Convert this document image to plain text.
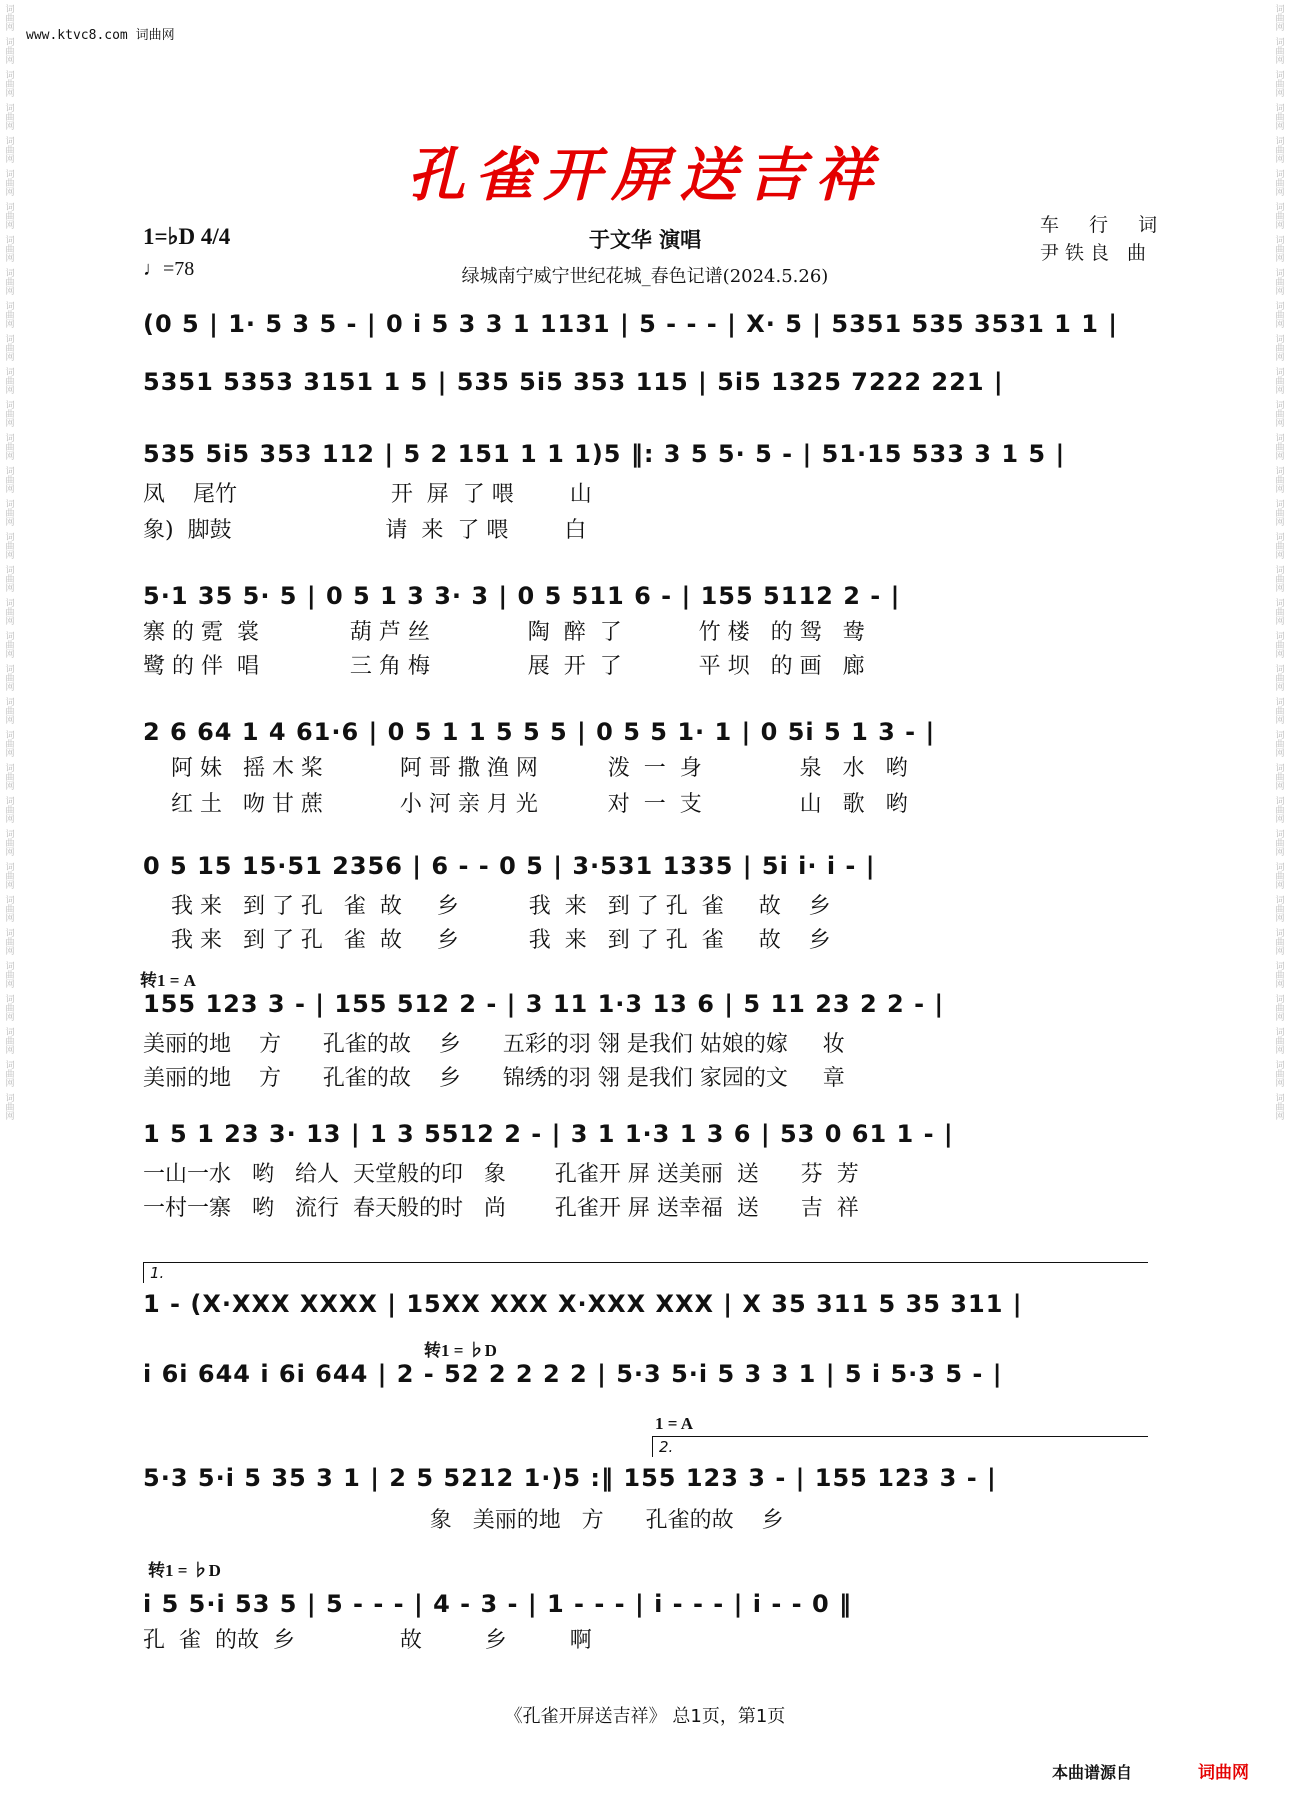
词曲网
词曲网
词曲网
词曲网
词曲网
词曲网
词曲网
词曲网
词曲网
词曲网
词曲网
词曲网
词曲网
词曲网
词曲网
词曲网
词曲网
词曲网
词曲网
词曲网
词曲网
词曲网
词曲网
词曲网
词曲网
词曲网
词曲网
词曲网
词曲网
词曲网
词曲网
词曲网
词曲网
词曲网
词曲网
词曲网
词曲网
词曲网
词曲网
词曲网
词曲网
词曲网
词曲网
词曲网
词曲网
词曲网
词曲网
词曲网
词曲网
词曲网
词曲网
词曲网
词曲网
词曲网
词曲网
词曲网
词曲网
词曲网
词曲网
词曲网
词曲网
词曲网
词曲网
词曲网
词曲网
词曲网
词曲网
词曲网
www.ktvc8.com 词曲网
孔雀开屏送吉祥
1=♭D 4/4
♩=78
于文华 演唱
绿城南宁威宁世纪花城_春色记谱(2024.5.26)
车 行 词
尹铁良 曲
(0 5 | 1· 5 3 5 - | 0 i 5 3 3 1 1131 | 5 - - - | X· 5 | 5351 535 3531 1 1 |
5351 5353 3151 1 5 | 535 5i5 353 115 | 5i5 1325 7222 221 |
535 5i5 353 112 | 5 2 151 1 1 1)5 ‖: 3 5 5· 5 - | 51·15 533 3 1 5 |
凤    尾竹                      开  屏  了 喂        山
象)  脚鼓                      请  来  了 喂        白
5·1 35 5· 5 | 0 5 1 3 3· 3 | 0 5 511 6 - | 155 5112 2 - |
寨 的 霓  裳             葫 芦 丝              陶  醉  了           竹 楼   的 鸳   鸯
鹭 的 伴  唱             三 角 梅              展  开  了           平 坝   的 画   廊
2 6 64 1 4 61·6 | 0 5 1 1 5 5 5 | 0 5 5 1· 1 | 0 5i 5 1 3 - |
阿 妹   摇 木 桨           阿 哥 撒 渔 网          泼  一  身              泉   水   哟
红 土   吻 甘 蔗           小 河 亲 月 光          对  一  支              山   歌   哟
0 5 15 15·51 2356 | 6 - - 0 5 | 3·531 1335 | 5i i· i - |
我 来   到 了 孔   雀  故     乡          我  来   到 了 孔  雀     故    乡
我 来   到 了 孔   雀  故     乡          我  来   到 了 孔  雀     故    乡
转1 = A
155 123 3 - | 155 512 2 - | 3 11 1·3 13 6 | 5 11 23 2 2 - |
美丽的地    方      孔雀的故    乡      五彩的羽 翎 是我们 姑娘的嫁     妆
美丽的地    方      孔雀的故    乡      锦绣的羽 翎 是我们 家园的文     章
1 5 1 23 3· 13 | 1 3 5512 2 - | 3 1 1·3 1 3 6 | 53 0 61 1 - |
一山一水   哟   给人  天堂般的印   象       孔雀开 屏 送美丽  送      芬  芳
一村一寨   哟   流行  春天般的时   尚       孔雀开 屏 送幸福  送      吉  祥
1.
1 - (X·XXX XXXX | 15XX XXX X·XXX XXX | X 35 311 5 35 311 |
转1 = ♭D
i 6i 644 i 6i 644 | 2 - 52 2 2 2 2 | 5·3 5·i 5 3 3 1 | 5 i 5·3 5 - |
1 = A
2.
5·3 5·i 5 35 3 1 | 2 5 5212 1·)5 :‖ 155 123 3 - | 155 123 3 - |
象   美丽的地   方      孔雀的故    乡
转1 = ♭D
i 5 5·i 53 5 | 5 - - - | 4 - 3 - | 1 - - - | i - - - | i - - 0 ‖
孔  雀  的故  乡               故         乡         啊
《孔雀开屏送吉祥》 总1页，第1页
本曲谱源自	词曲网
